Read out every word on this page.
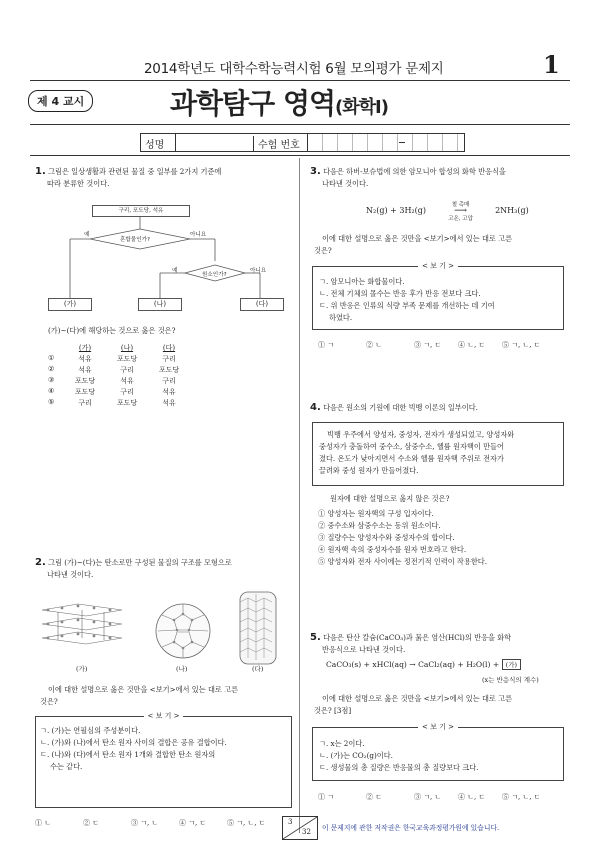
2014학년도 대학수학능력시험 6월 모의평가 문제지	1
제 4 교시	과학탐구 영역(화학Ⅰ)
성명	수험 번호
1. 그림은 일상생활과 관련된 물질 중 일부를 2가지 기준에
따라 분류한 것이다.
구리, 포도당, 석유
혼합물인가?
예	아니요
원소인가?
예	아니요
(가)	(나)	(다)
(가)~(다)에 해당하는 것으로 옳은 것은?
(가)	(나)	(다)
①	석유	포도당	구리
②	석유	구리	포도당
③	포도당	석유	구리
④	포도당	구리	석유
⑤	구리	포도당	석유
2. 그림 (가)~(다)는 탄소로만 구성된 물질의 구조를 모형으로
나타낸 것이다.
(가)	(나)	(다)
이에 대한 설명으로 옳은 것만을 <보기>에서 있는 대로 고른
것은?
< 보 기 >
ㄱ. (가)는 연필심의 주성분이다.
ㄴ. (가)와 (나)에서 탄소 원자 사이의 결합은 공유 결합이다.
ㄷ. (나)와 (다)에서 탄소 원자 1개와 결합한 탄소 원자의
수는 같다.
① ㄴ	② ㄷ	③ ㄱ, ㄴ	④ ㄱ, ㄷ	⑤ ㄱ, ㄴ, ㄷ
3. 다음은 하버-보슈법에 의한 암모니아 합성의 화학 반응식을
나타낸 것이다.
N₂(g) + 3H₂(g)
철 촉매
⟶
고온, 고압
2NH₃(g)
이에 대한 설명으로 옳은 것만을 <보기>에서 있는 대로 고른
것은?
< 보 기 >
ㄱ. 암모니아는 화합물이다.
ㄴ. 전체 기체의 몰수는 반응 후가 반응 전보다 크다.
ㄷ. 위 반응은 인류의 식량 부족 문제를 개선하는 데 기여
하였다.
① ㄱ	② ㄴ	③ ㄱ, ㄷ ④ ㄴ, ㄷ ⑤ ㄱ, ㄴ, ㄷ
4. 다음은 원소의 기원에 대한 빅뱅 이론의 일부이다.
빅뱅 우주에서 양성자, 중성자, 전자가 생성되었고, 양성자와
중성자가 충돌하여 중수소, 삼중수소, 헬륨 원자핵이 만들어
졌다. 온도가 낮아지면서 수소와 헬륨 원자핵 주위로 전자가
끌려와 중성 원자가 만들어졌다.
원자에 대한 설명으로 옳지 않은 것은?
① 양성자는 원자핵의 구성 입자이다.
② 중수소와 삼중수소는 동위 원소이다.
③ 질량수는 양성자수와 중성자수의 합이다.
④ 원자핵 속의 중성자수를 원자 번호라고 한다.
⑤ 양성자와 전자 사이에는 정전기적 인력이 작용한다.
5. 다음은 탄산 칼슘(CaCO₃)과 묽은 염산(HCl)의 반응을 화학
반응식으로 나타낸 것이다.
CaCO₃(s) + xHCl(aq) → CaCl₂(aq) + H₂O(l) + (가)
(x는 반응식의 계수)
이에 대한 설명으로 옳은 것만을 <보기>에서 있는 대로 고른
것은? [3점]
< 보 기 >
ㄱ. x는 2이다.
ㄴ. (가)는 CO₂(g)이다.
ㄷ. 생성물의 총 질량은 반응물의 총 질량보다 크다.
① ㄱ	② ㄷ	③ ㄱ, ㄴ ④ ㄴ, ㄷ ⑤ ㄱ, ㄴ, ㄷ
3
32 이 문제지에 관한 저작권은 한국교육과정평가원에 있습니다.
